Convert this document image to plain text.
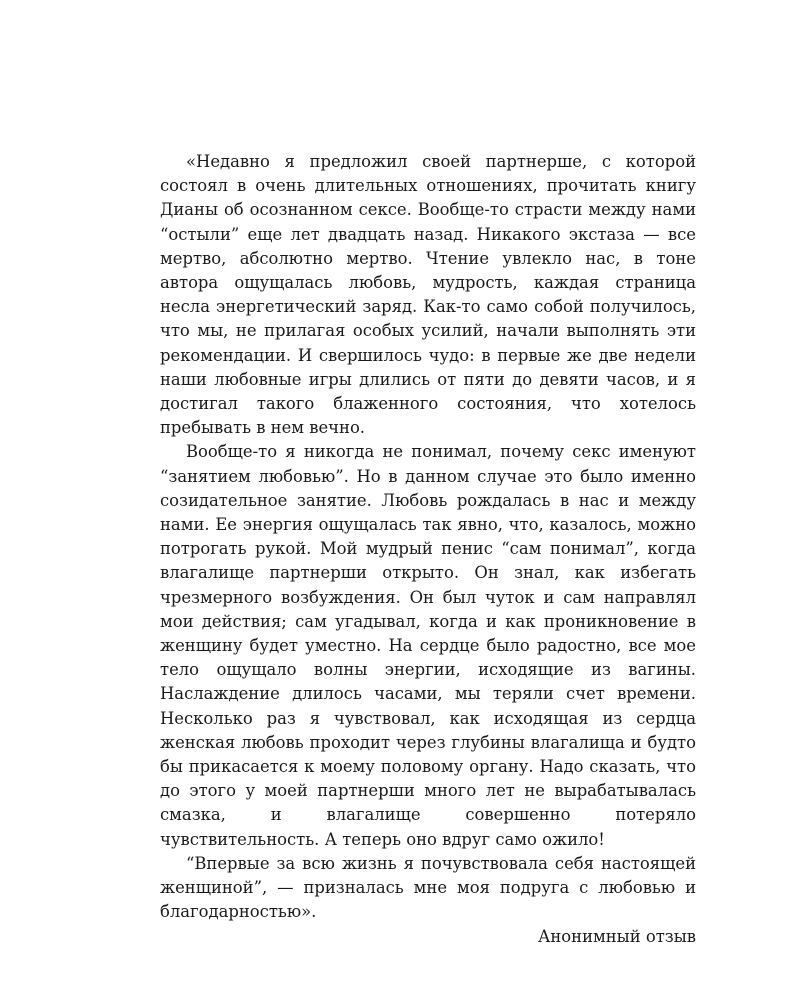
«Недавно я предложил своей партнерше, с которой состоял в очень длительных отношениях, прочитать книгу Дианы об осознанном сексе. Вообще-то страсти между нами “остыли” еще лет двадцать назад. Никакого экстаза — все мертво, абсолютно мертво. Чтение увлекло нас, в тоне автора ощущалась любовь, мудрость, каждая страница несла энергетический заряд. Как-то само собой получилось, что мы, не прилагая особых усилий, начали выполнять эти рекомендации. И свершилось чудо: в первые же две недели наши любовные игры длились от пяти до девяти часов, и я достигал такого блаженного состояния, что хотелось пребывать в нем вечно.

Вообще-то я никогда не понимал, почему секс именуют “занятием любовью”. Но в данном случае это было именно созидательное занятие. Любовь рождалась в нас и между нами. Ее энергия ощущалась так явно, что, казалось, можно потрогать рукой. Мой мудрый пенис “сам понимал”, когда влагалище партнерши открыто. Он знал, как избегать чрезмерного возбуждения. Он был чуток и сам направлял мои действия; сам угадывал, когда и как проникновение в женщину будет уместно. На сердце было радостно, все мое тело ощущало волны энергии, исходящие из вагины. Наслаждение длилось часами, мы теряли счет времени. Несколько раз я чувствовал, как исходящая из сердца женская любовь проходит через глубины влагалища и будто бы прикасается к моему половому органу. Надо сказать, что до этого у моей партнерши много лет не вырабатывалась смазка, и влагалище совершенно потеряло чувствительность. А теперь оно вдруг само ожило!

“Впервые за всю жизнь я почувствовала себя настоящей женщиной”, — призналась мне моя подруга с любовью и благодарностью».

Анонимный отзыв
